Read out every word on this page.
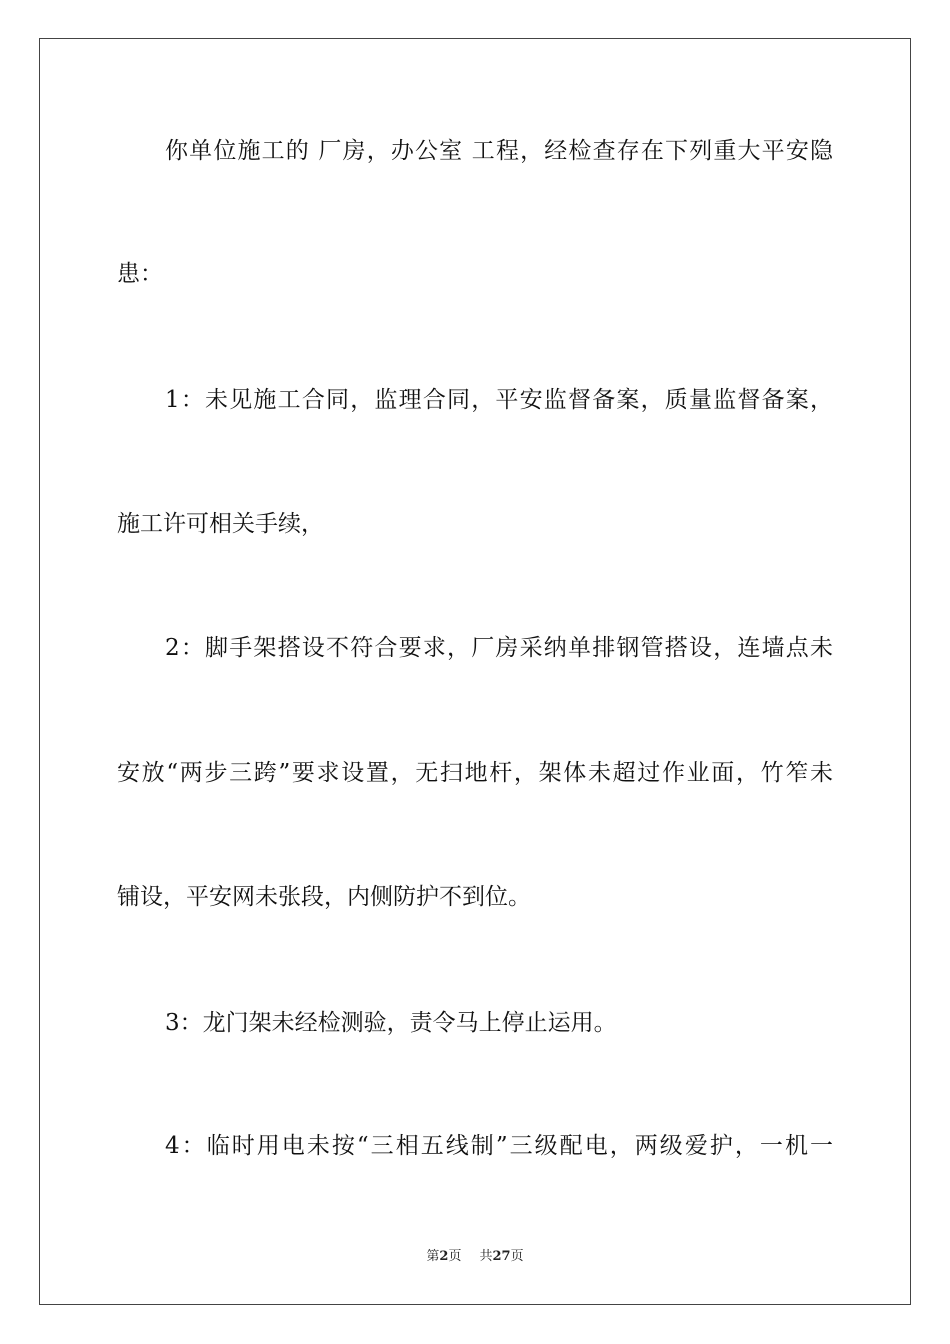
你单位施工的 厂房，办公室 工程，经检查存在下列重大平安隐
患：
1：未见施工合同，监理合同，平安监督备案，质量监督备案，
施工许可相关手续，
2：脚手架搭设不符合要求，厂房采纳单排钢管搭设，连墙点未
安放“两步三跨”要求设置，无扫地杆，架体未超过作业面，竹笮未
铺设，平安网未张段，内侧防护不到位。
3：龙门架未经检测验，责令马上停止运用。
4：临时用电未按“三相五线制”三级配电，两级爱护，一机一
第2页 共27页
